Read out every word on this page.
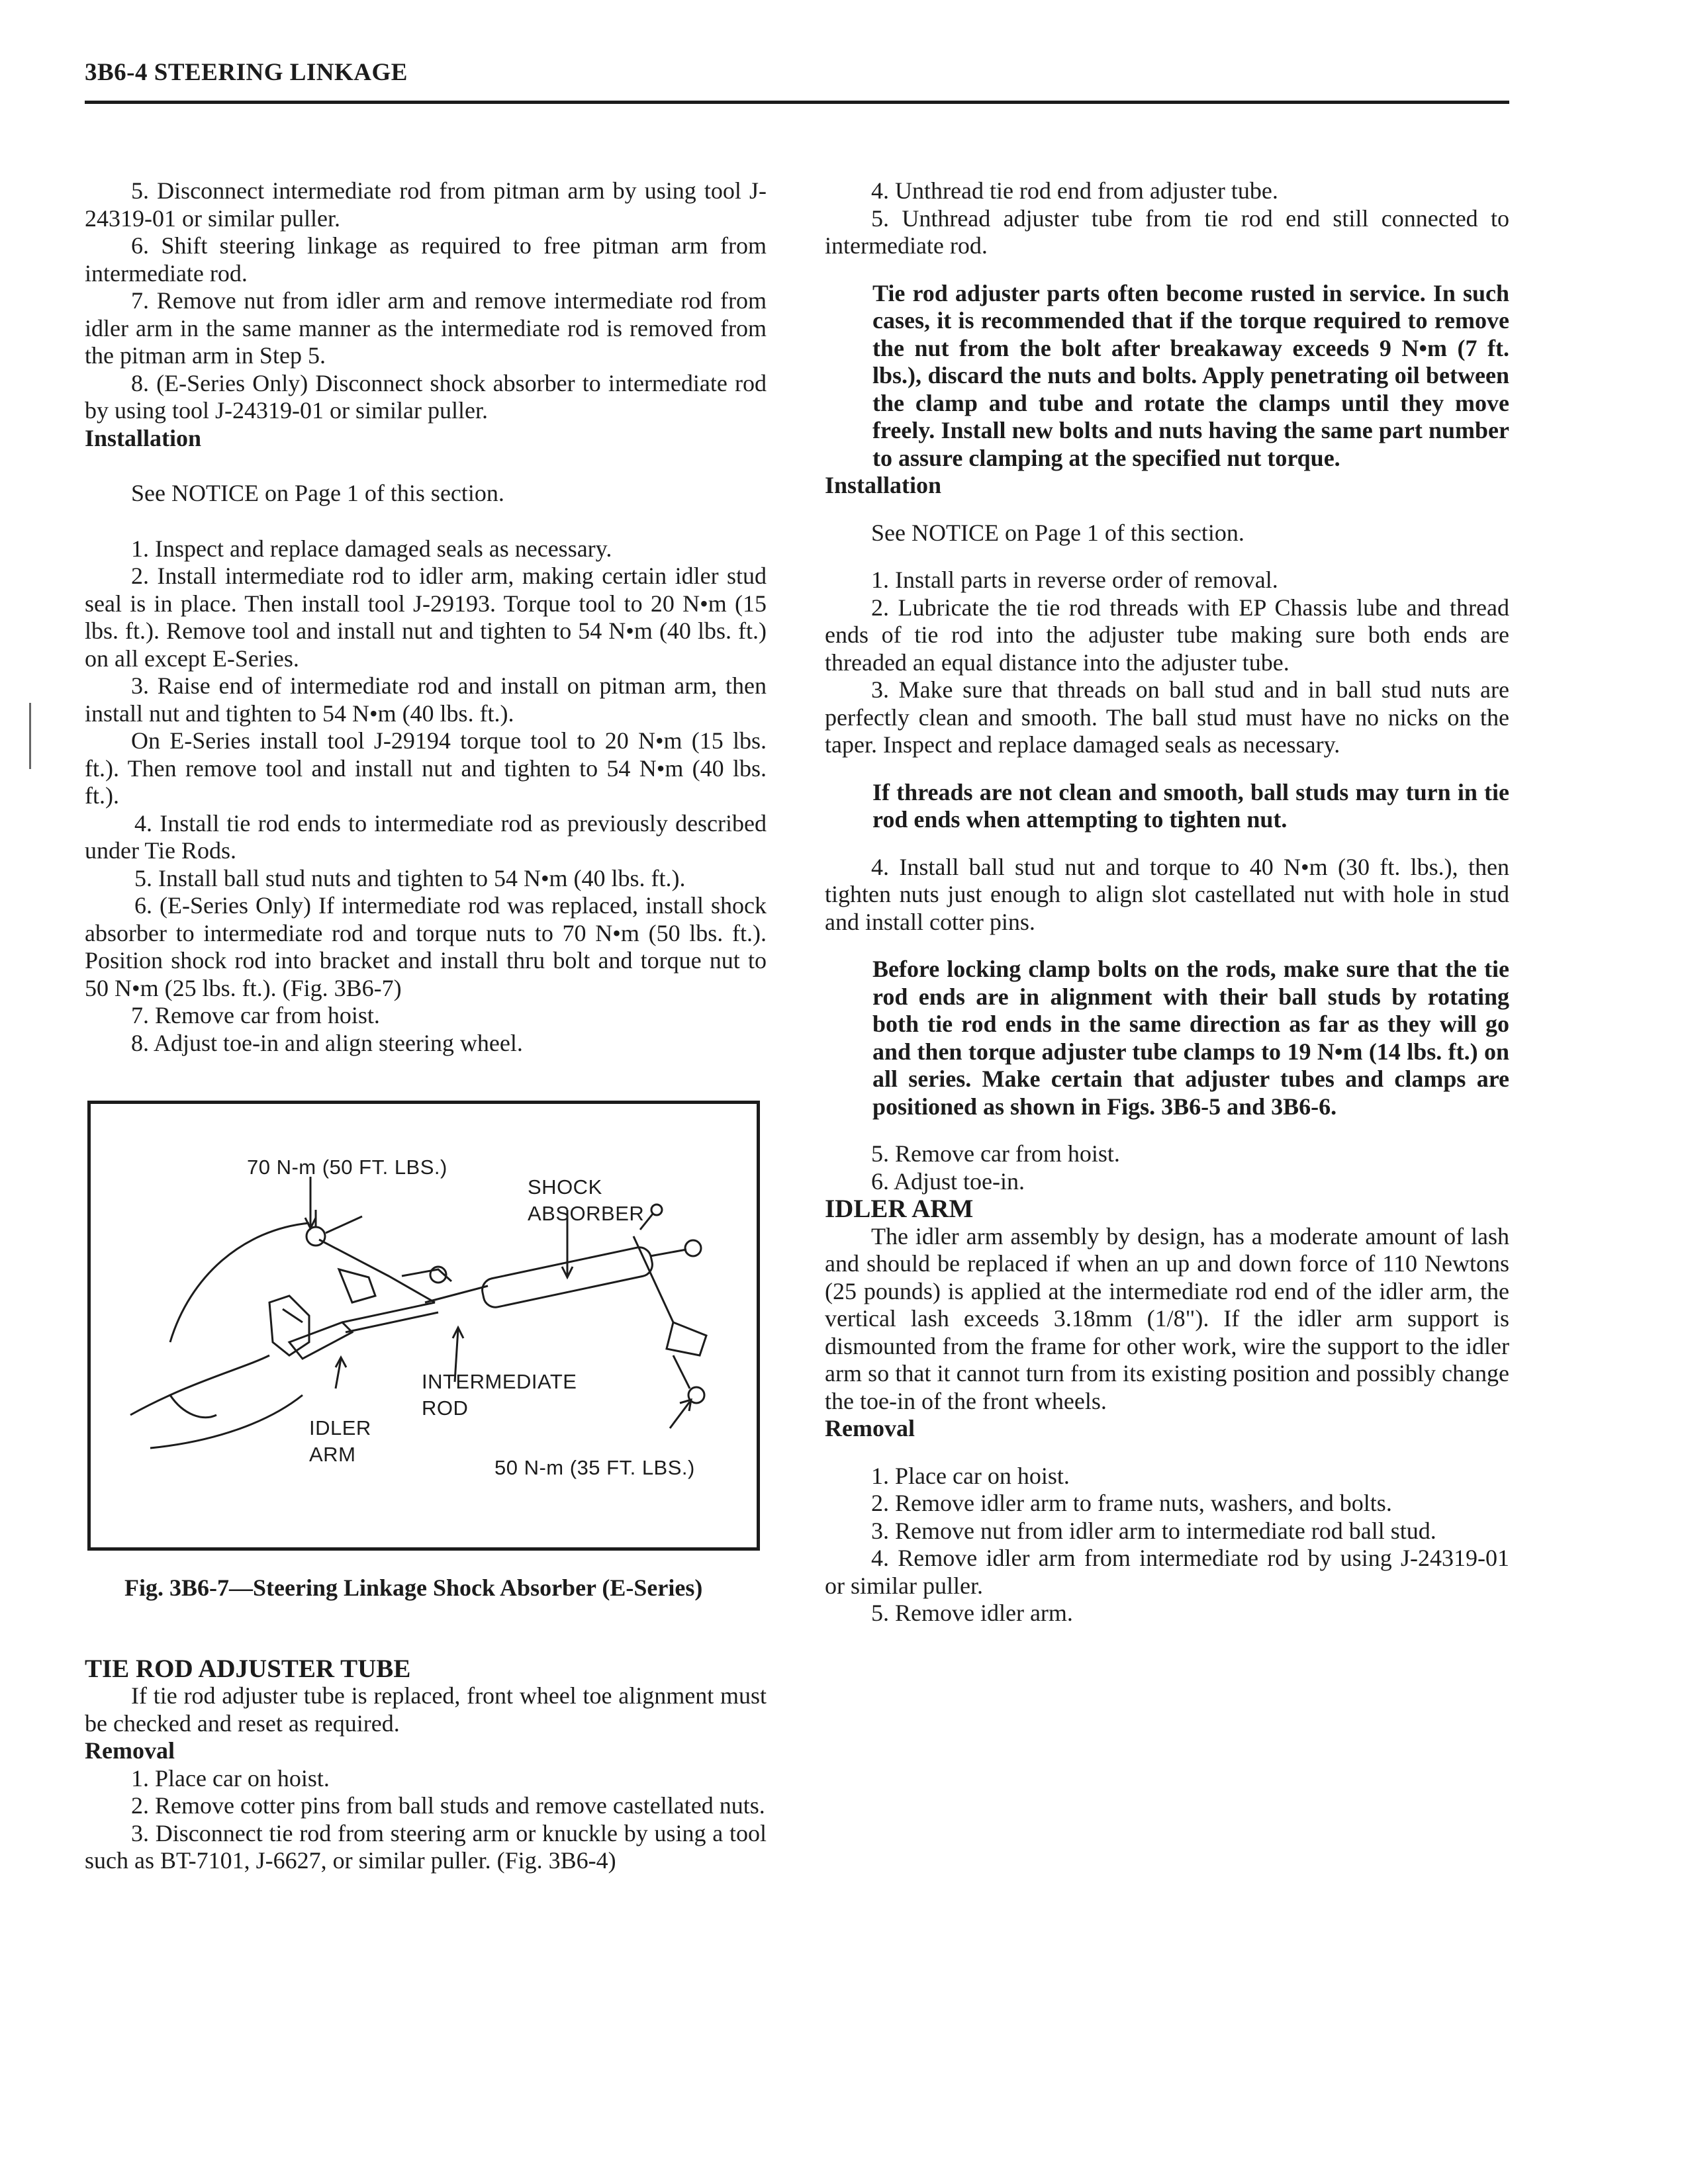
3B6-4 STEERING LINKAGE

5. Disconnect intermediate rod from pitman arm by using tool J-24319-01 or similar puller.

6. Shift steering linkage as required to free pitman arm from intermediate rod.

7. Remove nut from idler arm and remove intermediate rod from idler arm in the same manner as the intermediate rod is removed from the pitman arm in Step 5.

8. (E-Series Only) Disconnect shock absorber to intermediate rod by using tool J-24319-01 or similar puller.

Installation

See NOTICE on Page 1 of this section.

1. Inspect and replace damaged seals as necessary.

2. Install intermediate rod to idler arm, making certain idler stud seal is in place. Then install tool J-29193. Torque tool to 20 N•m (15 lbs. ft.). Remove tool and install nut and tighten to 54 N•m (40 lbs. ft.) on all except E-Series.

3. Raise end of intermediate rod and install on pitman arm, then install nut and tighten to 54 N•m (40 lbs. ft.).

On E-Series install tool J-29194 torque tool to 20 N•m (15 lbs. ft.). Then remove tool and install nut and tighten to 54 N•m (40 lbs. ft.).

4. Install tie rod ends to intermediate rod as previously described under Tie Rods.

5. Install ball stud nuts and tighten to 54 N•m (40 lbs. ft.).

6. (E-Series Only) If intermediate rod was replaced, install shock absorber to intermediate rod and torque nuts to 70 N•m (50 lbs. ft.). Position shock rod into bracket and install thru bolt and torque nut to 50 N•m (25 lbs. ft.). (Fig. 3B6-7)

7. Remove car from hoist.

8. Adjust toe-in and align steering wheel.

70 N-m (50 FT. LBS.)
SHOCK
ABSORBER
INTERMEDIATE
ROD
IDLER
ARM
50 N-m (35 FT. LBS.)

Fig. 3B6-7—Steering Linkage Shock Absorber (E-Series)

TIE ROD ADJUSTER TUBE

If tie rod adjuster tube is replaced, front wheel toe alignment must be checked and reset as required.

Removal

1. Place car on hoist.

2. Remove cotter pins from ball studs and remove castellated nuts.

3. Disconnect tie rod from steering arm or knuckle by using a tool such as BT-7101, J-6627, or similar puller. (Fig. 3B6-4)

4. Unthread tie rod end from adjuster tube.

5. Unthread adjuster tube from tie rod end still connected to intermediate rod.

Tie rod adjuster parts often become rusted in service. In such cases, it is recommended that if the torque required to remove the nut from the bolt after breakaway exceeds 9 N•m (7 ft. lbs.), discard the nuts and bolts. Apply penetrating oil between the clamp and tube and rotate the clamps until they move freely. Install new bolts and nuts having the same part number to assure clamping at the specified nut torque.

Installation

See NOTICE on Page 1 of this section.

1. Install parts in reverse order of removal.

2. Lubricate the tie rod threads with EP Chassis lube and thread ends of tie rod into the adjuster tube making sure both ends are threaded an equal distance into the adjuster tube.

3. Make sure that threads on ball stud and in ball stud nuts are perfectly clean and smooth. The ball stud must have no nicks on the taper. Inspect and replace damaged seals as necessary.

If threads are not clean and smooth, ball studs may turn in tie rod ends when attempting to tighten nut.

4. Install ball stud nut and torque to 40 N•m (30 ft. lbs.), then tighten nuts just enough to align slot castellated nut with hole in stud and install cotter pins.

Before locking clamp bolts on the rods, make sure that the tie rod ends are in alignment with their ball studs by rotating both tie rod ends in the same direction as far as they will go and then torque adjuster tube clamps to 19 N•m (14 lbs. ft.) on all series. Make certain that adjuster tubes and clamps are positioned as shown in Figs. 3B6-5 and 3B6-6.

5. Remove car from hoist.

6. Adjust toe-in.

IDLER ARM

The idler arm assembly by design, has a moderate amount of lash and should be replaced if when an up and down force of 110 Newtons (25 pounds) is applied at the intermediate rod end of the idler arm, the vertical lash exceeds 3.18mm (1/8"). If the idler arm support is dismounted from the frame for other work, wire the support to the idler arm so that it cannot turn from its existing position and possibly change the toe-in of the front wheels.

Removal

1. Place car on hoist.

2. Remove idler arm to frame nuts, washers, and bolts.

3. Remove nut from idler arm to intermediate rod ball stud.

4. Remove idler arm from intermediate rod by using J-24319-01 or similar puller.

5. Remove idler arm.
